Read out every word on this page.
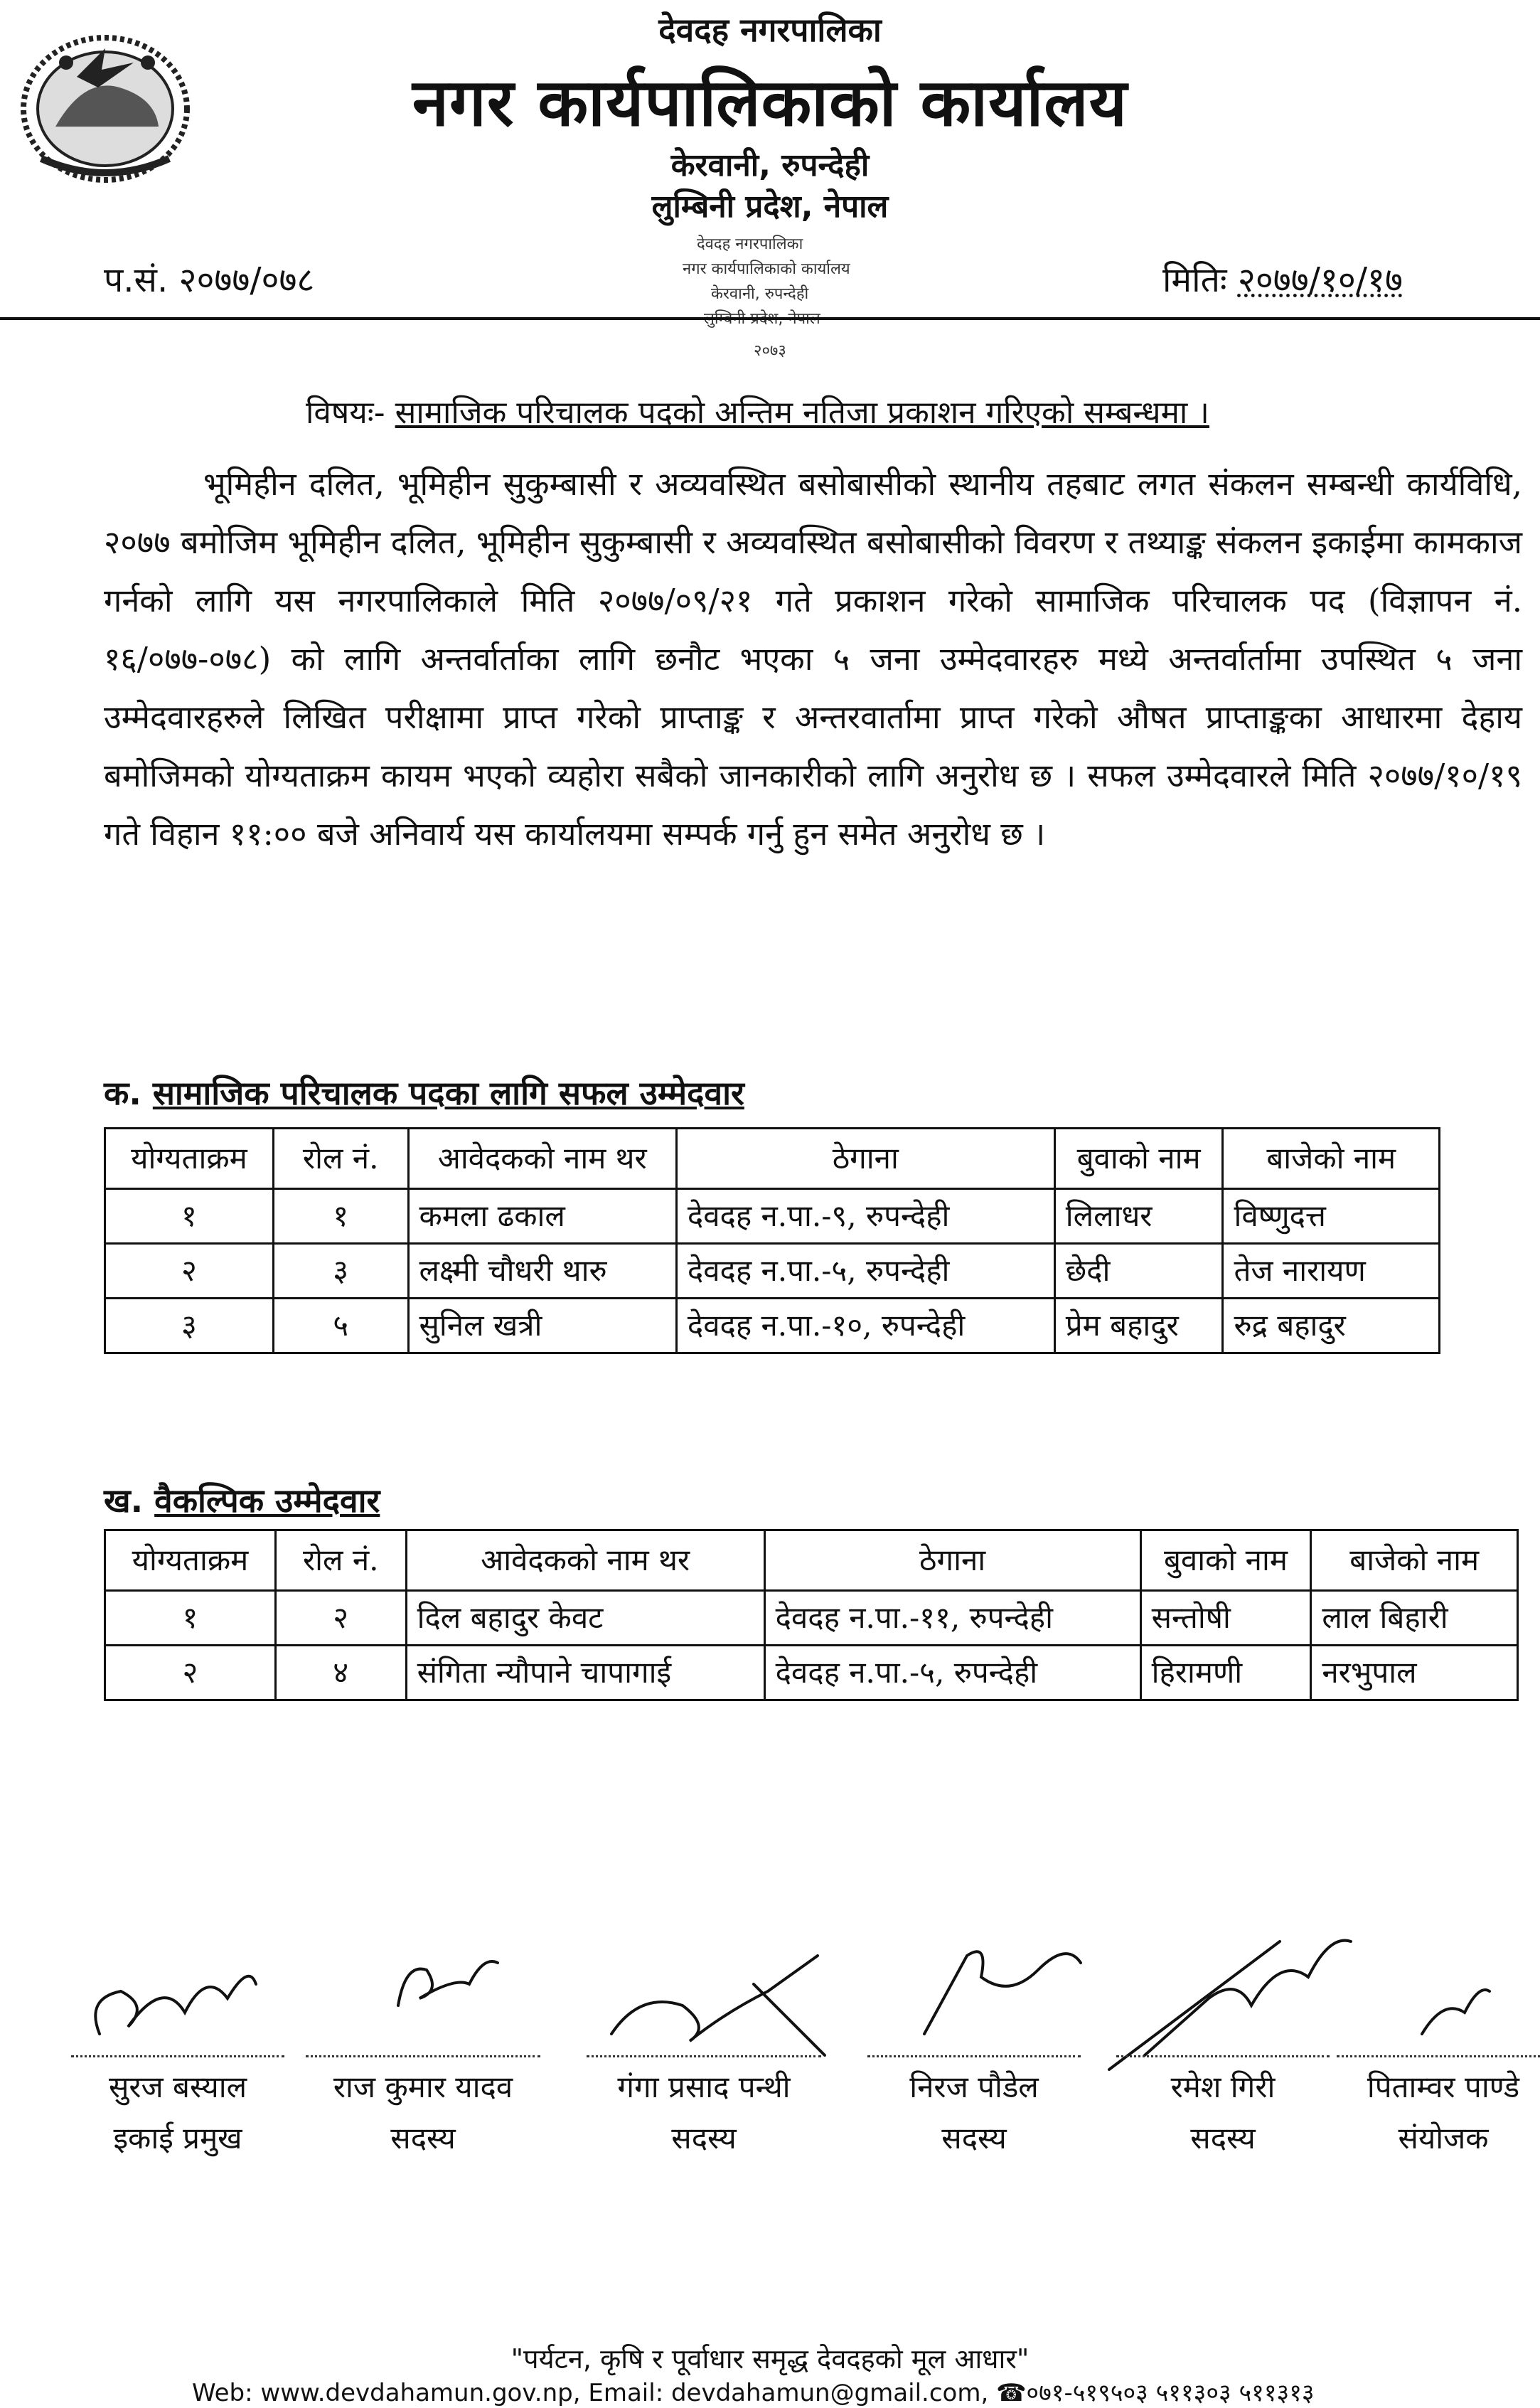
देवदह नगरपालिका
नगर कार्यपालिकाको कार्यालय
केरवानी, रुपन्देही
लुम्बिनी प्रदेश, नेपाल
प.सं. २०७७/०७८	मितिः २०७७/१०/१७
देवदह नगरपालिका
नगर कार्यपालिकाको कार्यालय
केरवानी, रुपन्देही
लुम्बिनी प्रदेश, नेपाल
२०७३
विषयः- सामाजिक परिचालक पदको अन्तिम नतिजा प्रकाशन गरिएको सम्बन्धमा ।
भूमिहीन दलित, भूमिहीन सुकुम्बासी र अव्यवस्थित बसोबासीको स्थानीय तहबाट लगत संकलन सम्बन्धी कार्यविधि, २०७७ बमोजिम भूमिहीन दलित, भूमिहीन सुकुम्बासी र अव्यवस्थित बसोबासीको विवरण र तथ्याङ्क संकलन इकाईमा कामकाज गर्नको लागि यस नगरपालिकाले मिति २०७७/०९/२१ गते प्रकाशन गरेको सामाजिक परिचालक पद (विज्ञापन नं. १६/०७७-०७८) को लागि अन्तर्वार्ताका लागि छनौट भएका ५ जना उम्मेदवारहरु मध्ये अन्तर्वार्तामा उपस्थित ५ जना उम्मेदवारहरुले लिखित परीक्षामा प्राप्त गरेको प्राप्ताङ्क र अन्तरवार्तामा प्राप्त गरेको औषत प्राप्ताङ्कका आधारमा देहाय बमोजिमको योग्यताक्रम कायम भएको व्यहोरा सबैको जानकारीको लागि अनुरोध छ । सफल उम्मेदवारले मिति २०७७/१०/१९ गते विहान ११:०० बजे अनिवार्य यस कार्यालयमा सम्पर्क गर्नु हुन समेत अनुरोध छ ।
क. सामाजिक परिचालक पदका लागि सफल उम्मेदवार
योग्यताक्रम	रोल नं.	आवेदकको नाम थर	ठेगाना	बुवाको नाम	बाजेको नाम
१	१	कमला ढकाल	देवदह न.पा.-९, रुपन्देही	लिलाधर	विष्णुदत्त
२	३	लक्ष्मी चौधरी थारु	देवदह न.पा.-५, रुपन्देही	छेदी	तेज नारायण
३	५	सुनिल खत्री	देवदह न.पा.-१०, रुपन्देही	प्रेम बहादुर	रुद्र बहादुर
ख. वैकल्पिक उम्मेदवार
योग्यताक्रम	रोल नं.	आवेदकको नाम थर	ठेगाना	बुवाको नाम	बाजेको नाम
१	२	दिल बहादुर केवट	देवदह न.पा.-११, रुपन्देही	सन्तोषी	लाल बिहारी
२	४	संगिता न्यौपाने चापागाई	देवदह न.पा.-५, रुपन्देही	हिरामणी	नरभुपाल
सुरज बस्याल
इकाई प्रमुख
राज कुमार यादव
सदस्य
गंगा प्रसाद पन्थी
सदस्य
निरज पौडेल
सदस्य
रमेश गिरी
सदस्य
पिताम्वर पाण्डे
संयोजक
"पर्यटन, कृषि र पूर्वाधार समृद्ध देवदहको मूल आधार"
Web: www.devdahamun.gov.np, Email: devdahamun@gmail.com, ☎०७१-५१९५०३ ५११३०३ ५११३१३
